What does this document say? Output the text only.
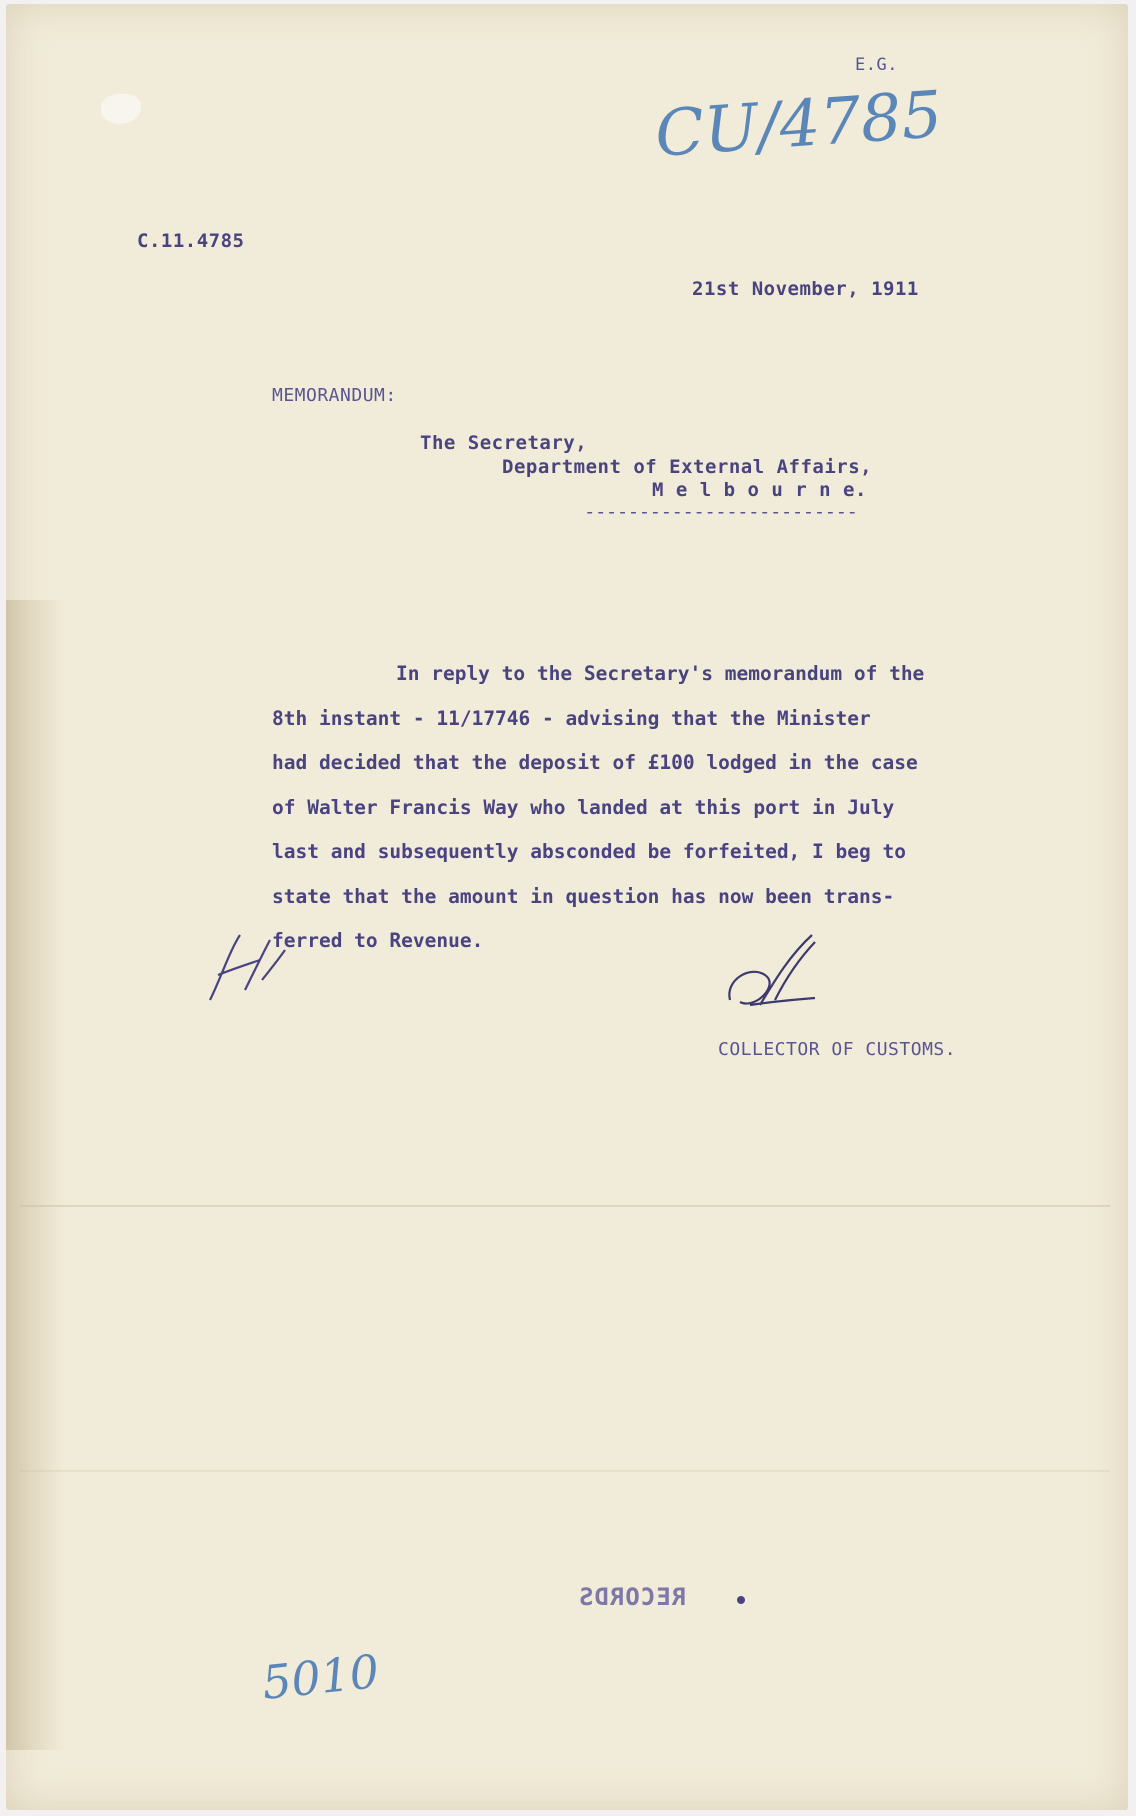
E.G.
CU/4785
C.11.4785
21st November, 1911
MEMORANDUM:
The Secretary,
Department of External Affairs,
M e l b o u r n e.
-------------------------
In reply to the Secretary's memorandum of the
8th instant - 11/17746 - advising that the Minister
had decided that the deposit of £100 lodged in the case
of Walter Francis Way who landed at this port in July
last and subsequently absconded be forfeited, I beg to
state that the amount in question has now been trans-
ferred to Revenue.
COLLECTOR OF CUSTOMS.
RECORDS
5010
